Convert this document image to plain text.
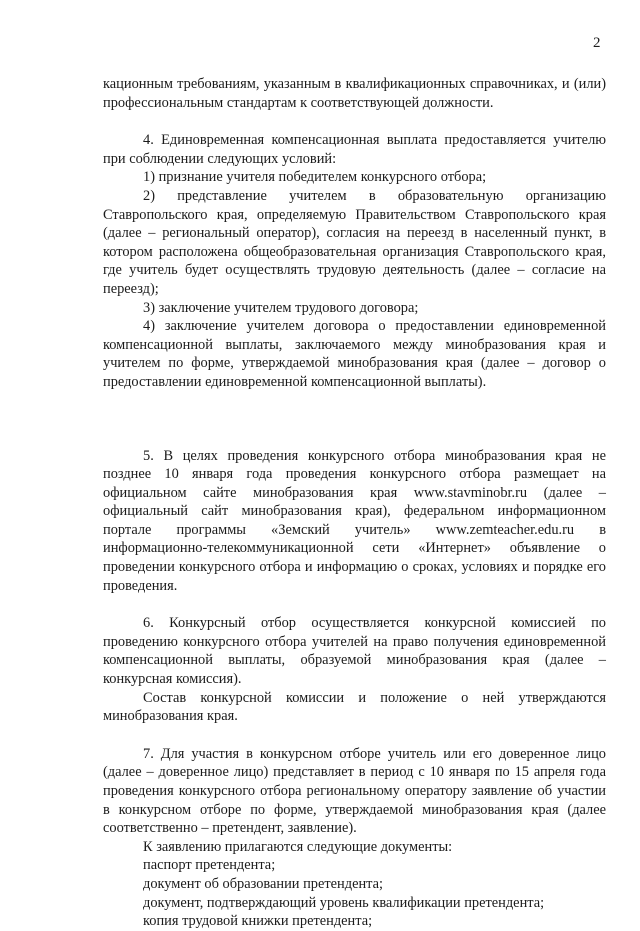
2

кационным требованиям, указанным в квалификационных справочниках, и (или) профессиональным стандартам к соответствующей должности.

4. Единовременная компенсационная выплата предоставляется учителю при соблюдении следующих условий:

1) признание учителя победителем конкурсного отбора;

2) представление учителем в образовательную организацию Ставропольского края, определяемую Правительством Ставропольского края (далее – региональный оператор), согласия на переезд в населенный пункт, в котором расположена общеобразовательная организация Ставропольского края, где учитель будет осуществлять трудовую деятельность (далее – согласие на переезд);

3) заключение учителем трудового договора;

4) заключение учителем договора о предоставлении единовременной компенсационной выплаты, заключаемого между минобразования края и учителем по форме, утверждаемой минобразования края (далее – договор о предоставлении единовременной компенсационной выплаты).

5. В целях проведения конкурсного отбора минобразования края не позднее 10 января года проведения конкурсного отбора размещает на официальном сайте минобразования края www.stavminobr.ru (далее – официальный сайт минобразования края), федеральном информационном портале программы «Земский учитель» www.zemteacher.edu.ru в информационно-телекоммуникационной сети «Интернет» объявление о проведении конкурсного отбора и информацию о сроках, условиях и порядке его проведения.

6. Конкурсный отбор осуществляется конкурсной комиссией по проведению конкурсного отбора учителей на право получения единовременной компенсационной выплаты, образуемой минобразования края (далее – конкурсная комиссия).

Состав конкурсной комиссии и положение о ней утверждаются минобразования края.

7. Для участия в конкурсном отборе учитель или его доверенное лицо (далее – доверенное лицо) представляет в период с 10 января по 15 апреля года проведения конкурсного отбора региональному оператору заявление об участии в конкурсном отборе по форме, утверждаемой минобразования края (далее соответственно – претендент, заявление).

К заявлению прилагаются следующие документы:

паспорт претендента;

документ об образовании претендента;

документ, подтверждающий уровень квалификации претендента;

копия трудовой книжки претендента;
